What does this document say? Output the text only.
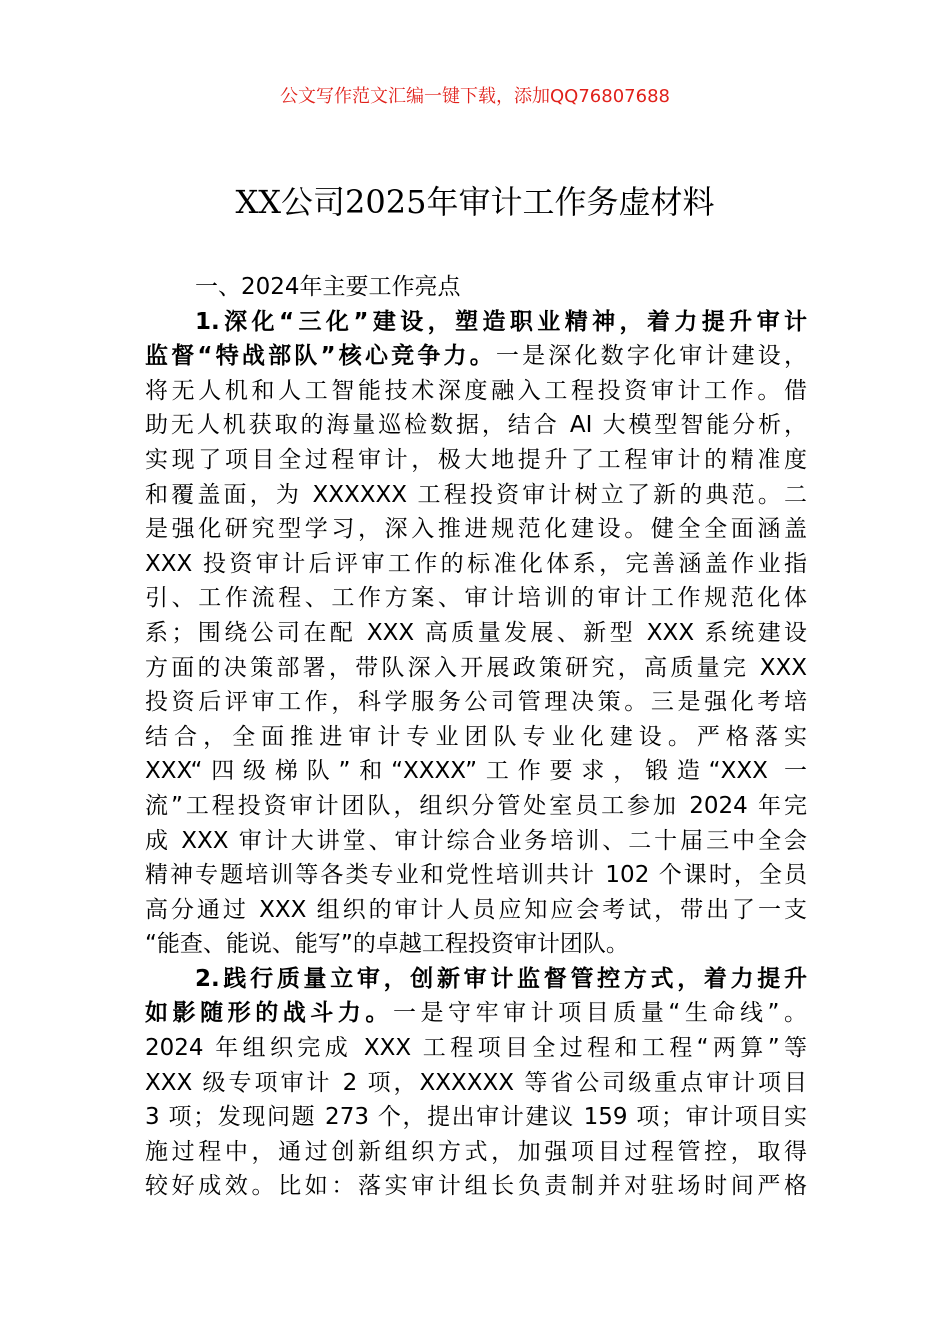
公文写作范文汇编一键下载，添加QQ76807688
XX公司2025年审计工作务虚材料
一、2024年主要工作亮点
1.深化“三化”建设，塑造职业精神，着力提升审计
监督“特战部队”核心竞争力。一是深化数字化审计建设，
将无人机和人工智能技术深度融入工程投资审计工作。借
助无人机获取的海量巡检数据，结合 AI 大模型智能分析，
实现了项目全过程审计，极大地提升了工程审计的精准度
和覆盖面，为 XXXXXX 工程投资审计树立了新的典范。二
是强化研究型学习，深入推进规范化建设。健全全面涵盖
XXX 投资审计后评审工作的标准化体系，完善涵盖作业指
引、工作流程、工作方案、审计培训的审计工作规范化体
系；围绕公司在配 XXX 高质量发展、新型 XXX 系统建设
方面的决策部署，带队深入开展政策研究，高质量完 XXX
投资后评审工作，科学服务公司管理决策。三是强化考培
结合，全面推进审计专业团队专业化建设。严格落实
XXX“四级梯队”和“XXXX”工作要求，锻造“XXX 一
流”工程投资审计团队，组织分管处室员工参加 2024 年完
成 XXX 审计大讲堂、审计综合业务培训、二十届三中全会
精神专题培训等各类专业和党性培训共计 102 个课时，全员
高分通过 XXX 组织的审计人员应知应会考试，带出了一支
“能查、能说、能写”的卓越工程投资审计团队。
2.践行质量立审，创新审计监督管控方式，着力提升
如影随形的战斗力。一是守牢审计项目质量“生命线”。
2024 年组织完成 XXX 工程项目全过程和工程“两算”等
XXX 级专项审计 2 项，XXXXXX 等省公司级重点审计项目
3 项；发现问题 273 个，提出审计建议 159 项；审计项目实
施过程中，通过创新组织方式，加强项目过程管控，取得
较好成效。比如：落实审计组长负责制并对驻场时间严格
